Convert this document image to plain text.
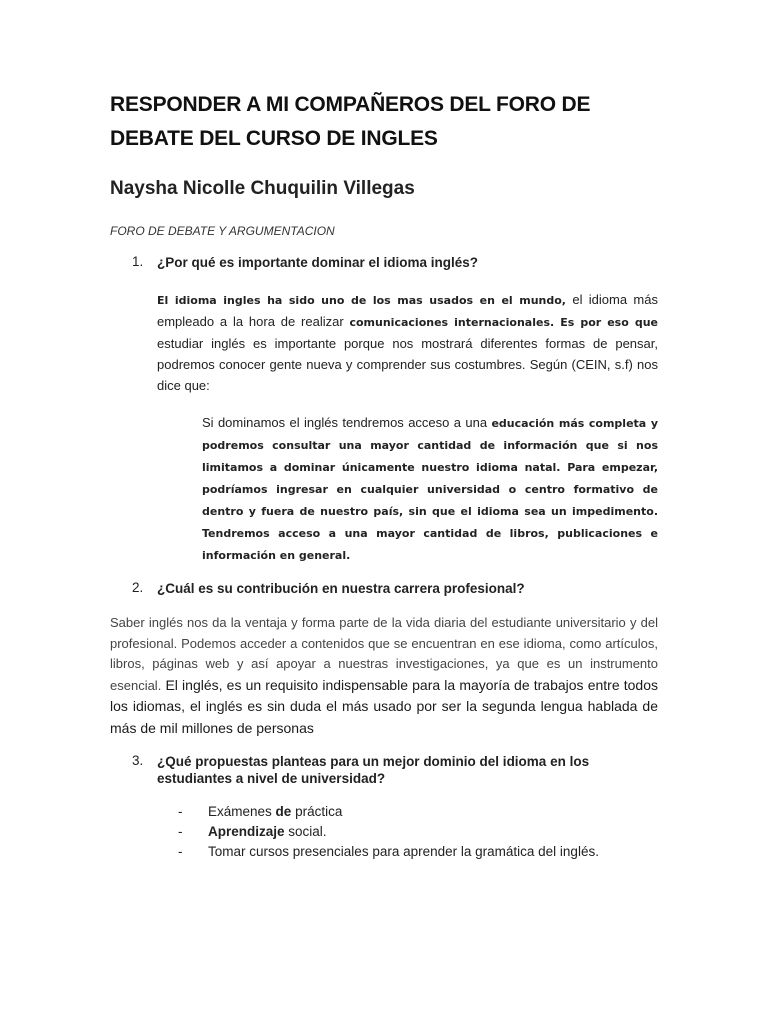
RESPONDER A MI COMPAÑEROS DEL FORO DE
DEBATE DEL CURSO DE INGLES
Naysha Nicolle Chuquilin Villegas
FORO DE DEBATE Y ARGUMENTACION
1.	¿Por qué es importante dominar el idioma inglés?

El idioma ingles ha sido uno de los mas usados en el mundo, el idioma más empleado a la hora de realizar comunicaciones internacionales. Es por eso que estudiar inglés es importante porque nos mostrará diferentes formas de pensar, podremos conocer gente nueva y comprender sus costumbres. Según (CEIN, s.f) nos dice que:

Si dominamos el inglés tendremos acceso a una educación más completa y podremos consultar una mayor cantidad de información que si nos limitamos a dominar únicamente nuestro idioma natal. Para empezar, podríamos ingresar en cualquier universidad o centro formativo de dentro y fuera de nuestro país, sin que el idioma sea un impedimento. Tendremos acceso a una mayor cantidad de libros, publicaciones e información en general.

2.	¿Cuál es su contribución en nuestra carrera profesional?

Saber inglés nos da la ventaja y forma parte de la vida diaria del estudiante universitario y del profesional. Podemos acceder a contenidos que se encuentran en ese idioma, como artículos, libros, páginas web y así apoyar a nuestras investigaciones, ya que es un instrumento esencial. El inglés, es un requisito indispensable para la mayoría de trabajos entre todos los idiomas, el inglés es sin duda el más usado por ser la segunda lengua hablada de más de mil millones de personas

3.	¿Qué propuestas planteas para un mejor dominio del idioma en los estudiantes a nivel de universidad?
-	Exámenes de práctica
-	Aprendizaje social.
-	Tomar cursos presenciales para aprender la gramática del inglés.
